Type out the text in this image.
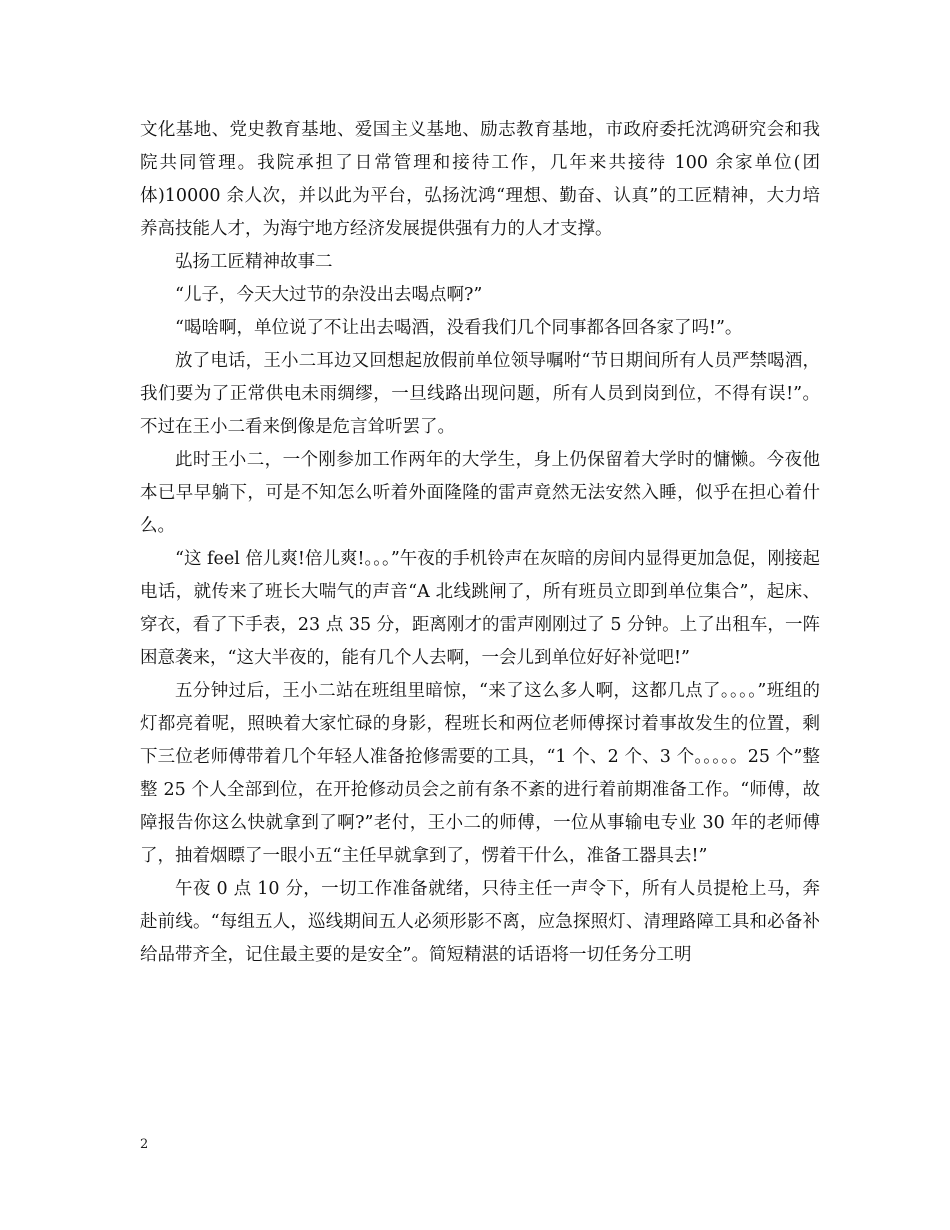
文化基地、党史教育基地、爱国主义基地、励志教育基地，市政府委托沈鸿研究会和我院共同管理。我院承担了日常管理和接待工作，几年来共接待 100 余家单位(团体)10000 余人次，并以此为平台，弘扬沈鸿“理想、勤奋、认真”的工匠精神，大力培养高技能人才，为海宁地方经济发展提供强有力的人才支撑。

弘扬工匠精神故事二

“儿子，今天大过节的杂没出去喝点啊?”

“喝啥啊，单位说了不让出去喝酒，没看我们几个同事都各回各家了吗!”。

放了电话，王小二耳边又回想起放假前单位领导嘱咐“节日期间所有人员严禁喝酒，我们要为了正常供电未雨绸缪，一旦线路出现问题，所有人员到岗到位，不得有误!”。不过在王小二看来倒像是危言耸听罢了。

此时王小二，一个刚参加工作两年的大学生，身上仍保留着大学时的慵懒。今夜他本已早早躺下，可是不知怎么听着外面隆隆的雷声竟然无法安然入睡，似乎在担心着什么。

“这 feel 倍儿爽!倍儿爽!。。。”午夜的手机铃声在灰暗的房间内显得更加急促，刚接起电话，就传来了班长大喘气的声音“A 北线跳闸了，所有班员立即到单位集合”，起床、穿衣，看了下手表，23 点 35 分，距离刚才的雷声刚刚过了 5 分钟。上了出租车，一阵困意袭来，“这大半夜的，能有几个人去啊，一会儿到单位好好补觉吧!”

五分钟过后，王小二站在班组里暗惊，“来了这么多人啊，这都几点了。。。。”班组的灯都亮着呢，照映着大家忙碌的身影，程班长和两位老师傅探讨着事故发生的位置，剩下三位老师傅带着几个年轻人准备抢修需要的工具，“1 个、2 个、3 个。。。。。25 个”整整 25 个人全部到位，在开抢修动员会之前有条不紊的进行着前期准备工作。“师傅，故障报告你这么快就拿到了啊?”老付，王小二的师傅，一位从事输电专业 30 年的老师傅了，抽着烟瞟了一眼小五“主任早就拿到了，愣着干什么，准备工器具去!”

午夜 0 点 10 分，一切工作准备就绪，只待主任一声令下，所有人员提枪上马，奔赴前线。“每组五人，巡线期间五人必须形影不离，应急探照灯、清理路障工具和必备补给品带齐全，记住最主要的是安全”。简短精湛的话语将一切任务分工明

2
